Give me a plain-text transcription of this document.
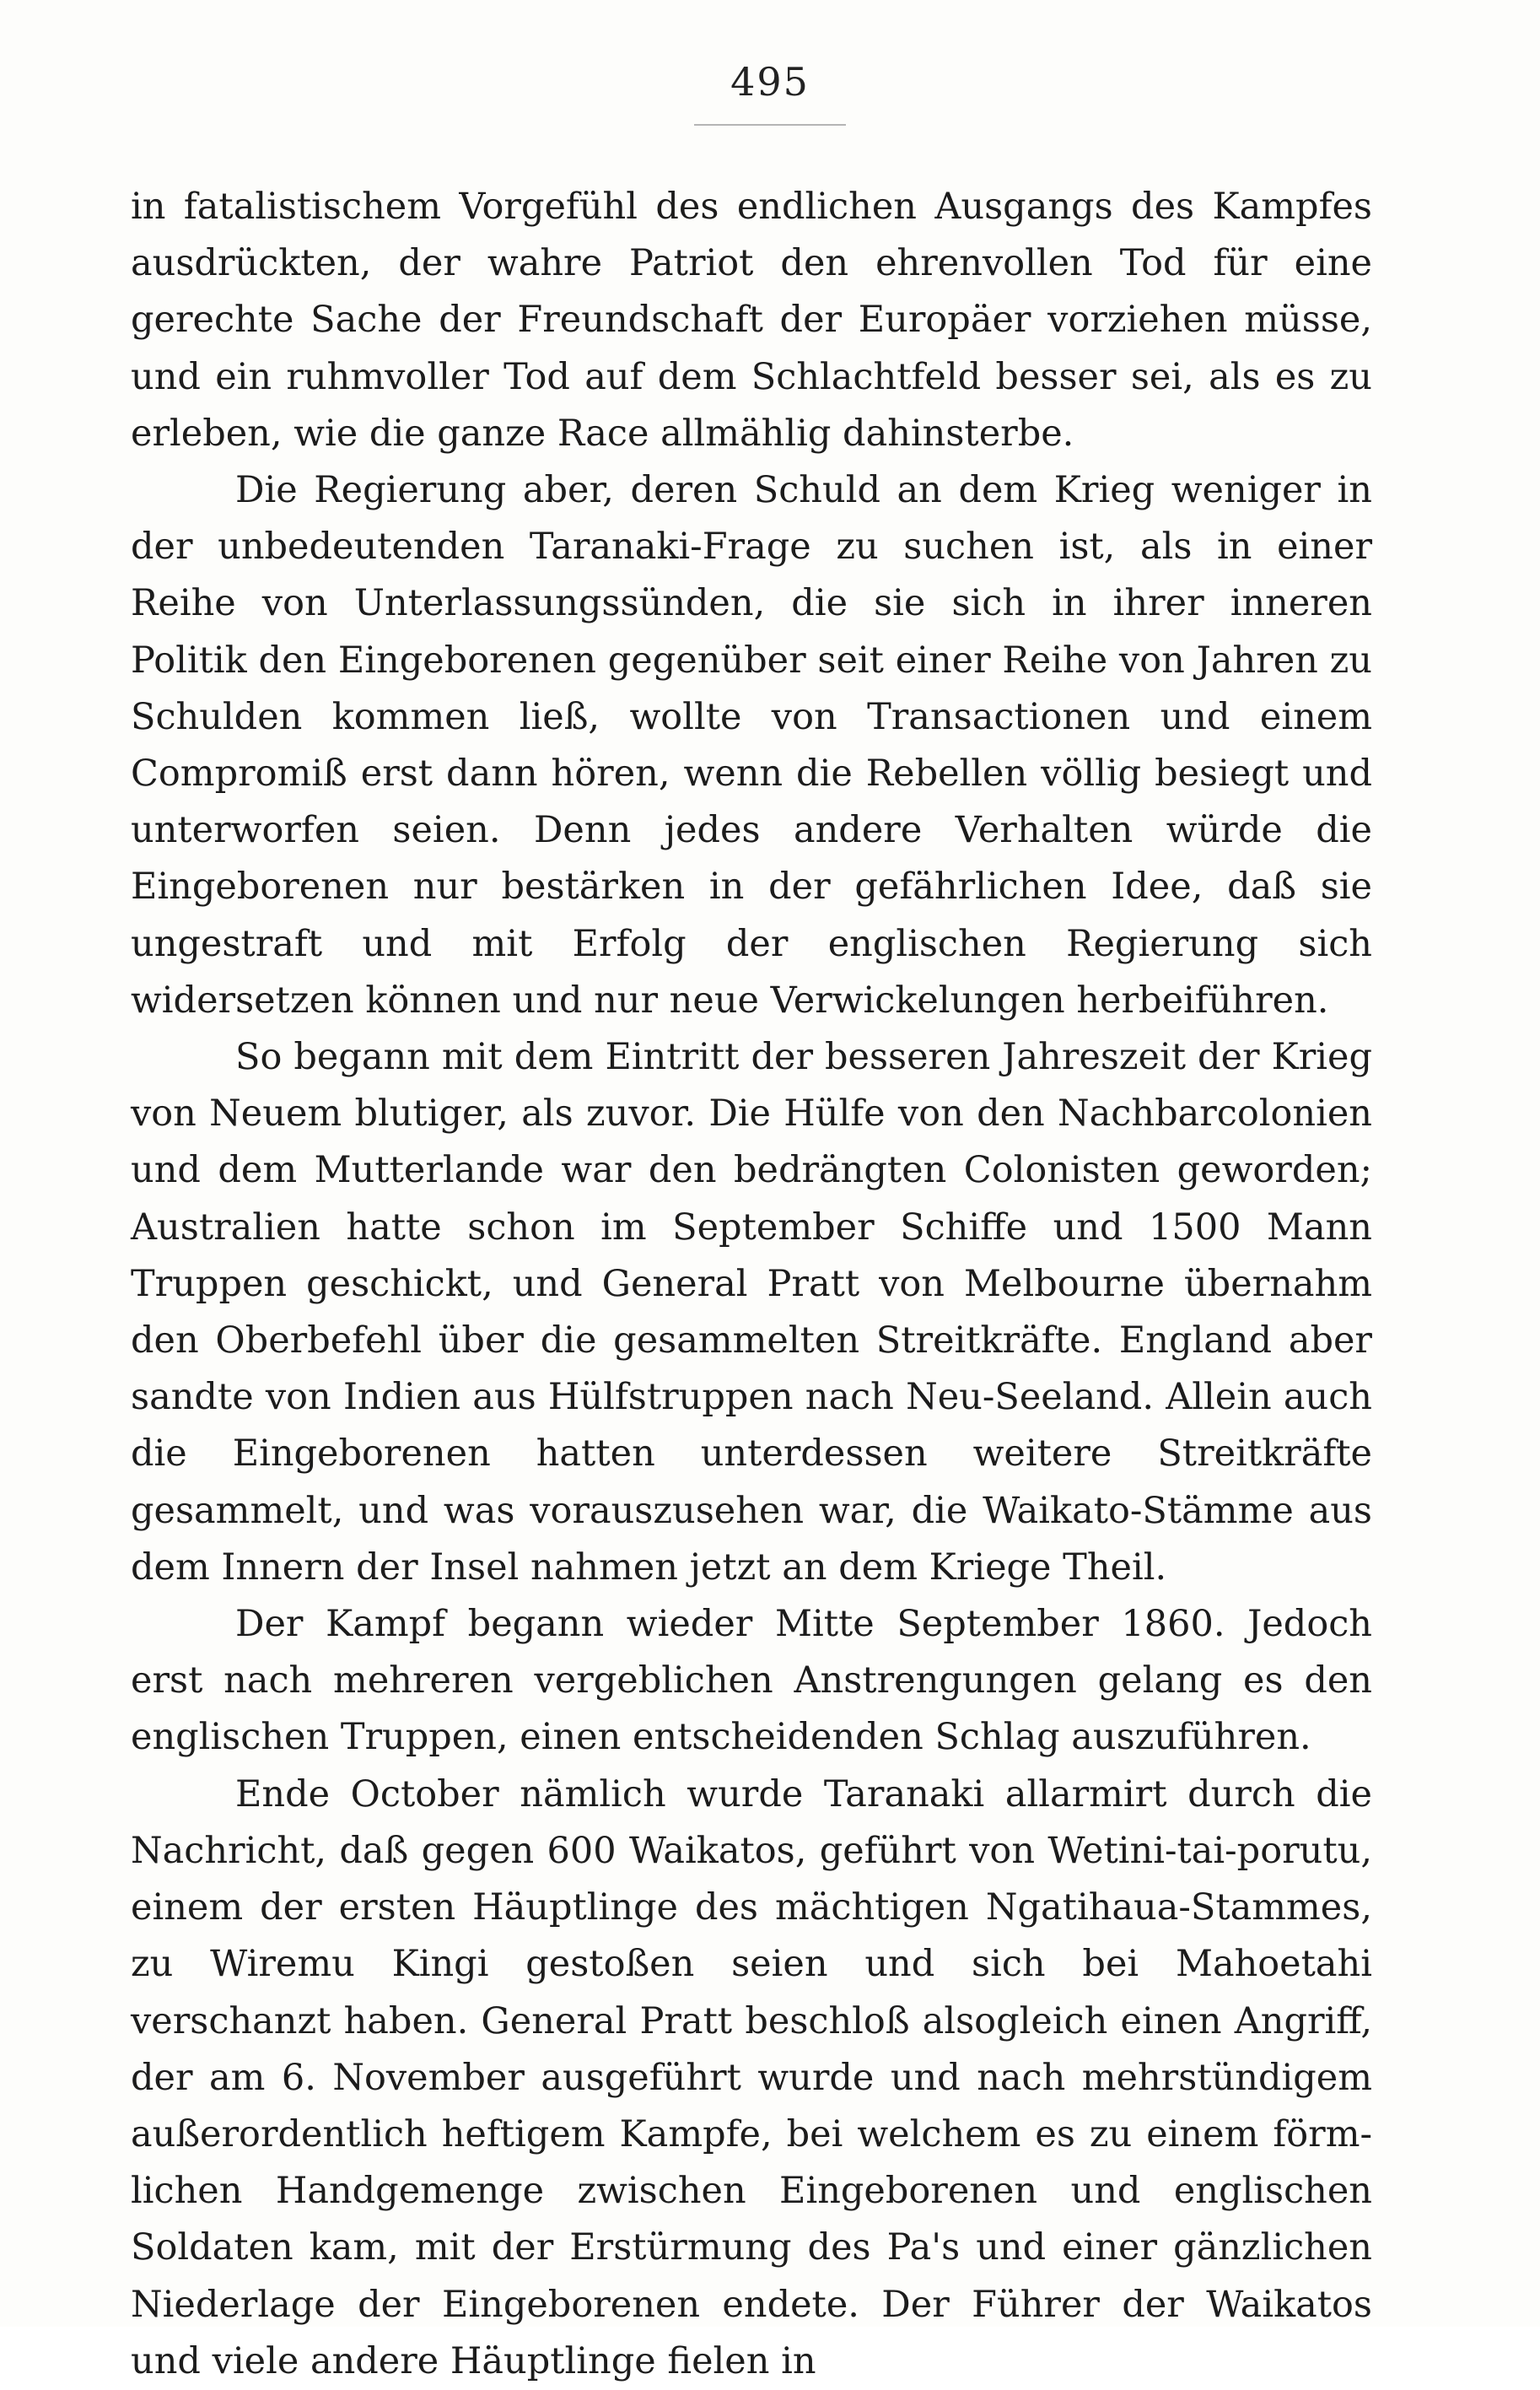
495

in fatalistischem Vorgefühl des endlichen Ausgangs des Kampfes ausdrückten, der wahre Patriot den ehrenvollen Tod für eine gerechte Sache der Freundschaft der Europäer vorziehen müsse, und ein ruhmvoller Tod auf dem Schlachtfeld besser sei, als es zu erleben, wie die ganze Race allmählig dahinsterbe.

Die Regierung aber, deren Schuld an dem Krieg weniger in der unbedeutenden Taranaki-Frage zu suchen ist, als in einer Reihe von Unterlassungssünden, die sie sich in ihrer inneren Politik den Eingeborenen gegenüber seit einer Reihe von Jahren zu Schulden kommen ließ, wollte von Transactionen und einem Compromiß erst dann hören, wenn die Rebellen völlig besiegt und unterworfen seien. Denn jedes andere Verhalten würde die Eingeborenen nur bestärken in der gefährlichen Idee, daß sie ungestraft und mit Erfolg der englischen Regierung sich widersetzen können und nur neue Verwickelungen herbeiführen.

So begann mit dem Eintritt der besseren Jahreszeit der Krieg von Neuem blutiger, als zuvor. Die Hülfe von den Nachbarcolonien und dem Mutterlande war den bedrängten Colonisten geworden; Australien hatte schon im September Schiffe und 1500 Mann Truppen geschickt, und General Pratt von Melbourne übernahm den Oberbefehl über die gesammelten Streitkräfte. England aber sandte von Indien aus Hülfstruppen nach Neu-Seeland. Allein auch die Eingeborenen hatten unterdessen weitere Streitkräfte gesammelt, und was vorauszusehen war, die Waikato-Stämme aus dem Innern der Insel nahmen jetzt an dem Kriege Theil.

Der Kampf begann wieder Mitte September 1860. Jedoch erst nach mehreren vergeblichen Anstrengungen gelang es den englischen Truppen, einen entscheidenden Schlag auszuführen.

Ende October nämlich wurde Taranaki allarmirt durch die Nachricht, daß gegen 600 Waikatos, geführt von Wetini-tai-porutu, einem der ersten Häuptlinge des mächtigen Ngatihaua-Stammes, zu Wiremu Kingi gestoßen seien und sich bei Mahoetahi verschanzt haben. General Pratt beschloß alsogleich einen Angriff, der am 6. November ausgeführt wurde und nach mehrstündigem außerordentlich heftigem Kampfe, bei welchem es zu einem förmlichen Handgemenge zwischen Eingeborenen und englischen Soldaten kam, mit der Erstürmung des Pa's und einer gänzlichen Niederlage der Eingeborenen endete. Der Führer der Waikatos und viele andere Häuptlinge fielen in
